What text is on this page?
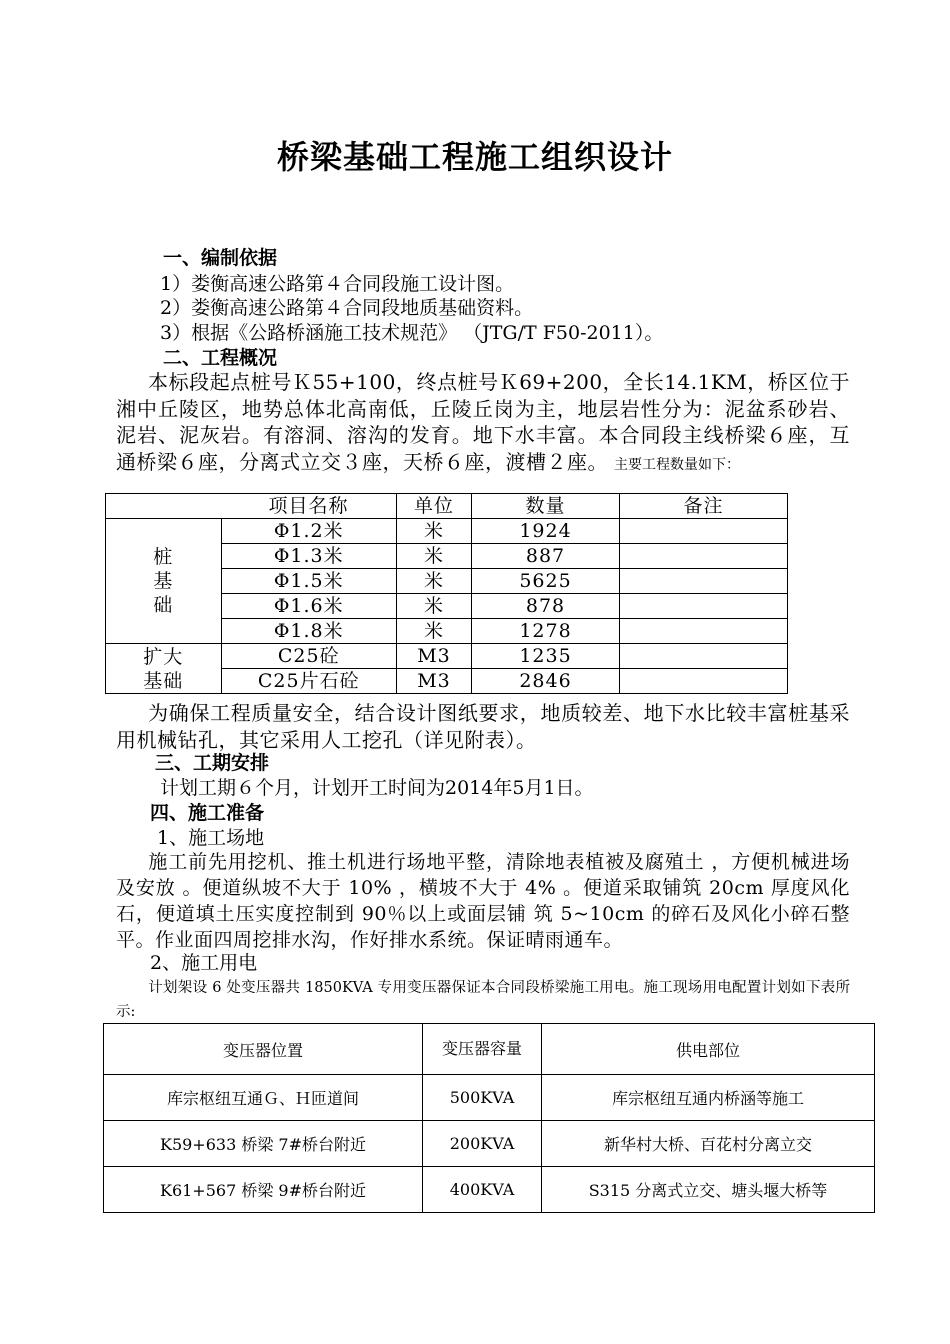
桥梁基础工程施工组织设计
一、编制依据
1）娄衡高速公路第４合同段施工设计图。
2）娄衡高速公路第４合同段地质基础资料。
3）根据《公路桥涵施工技术规范》 （JTG/T F50-2011）。
二、工程概况
本标段起点桩号Ｋ55+100，终点桩号Ｋ69+200，全长14.1KM，桥区位于湘中丘陵区，地势总体北高南低，丘陵丘岗为主，地层岩性分为：泥盆系砂岩、泥岩、泥灰岩。有溶洞、溶沟的发育。地下水丰富。本合同段主线桥梁６座，互通桥梁６座，分离式立交３座，天桥６座，渡槽２座。 主要工程数量如下：
	项目名称	单位	数量	备注

桩
基
础	Φ1.2米	米	1924	
	Φ1.3米	米	887	
	Φ1.5米	米	5625	
	Φ1.6米	米	878	
	Φ1.8米	米	1278	

扩大
基础	C25砼	M3	1235	
	C25片石砼	M3	2846	
为确保工程质量安全，结合设计图纸要求，地质较差、地下水比较丰富桩基采用机械钻孔，其它采用人工挖孔（详见附表）。
三、工期安排
计划工期６个月，计划开工时间为2014年5月1日。
四、施工准备
1、施工场地
施工前先用挖机、推土机进行场地平整，清除地表植被及腐殖土 ，方便机械进场及安放 。便道纵坡不大于 10% ，横坡不大于 4% 。便道采取铺筑 20cm 厚度风化石，便道填土压实度控制到 90％以上或面层铺 筑 5~10cm 的碎石及风化小碎石整平。作业面四周挖排水沟，作好排水系统。保证晴雨通车。
2、施工用电
计划架设 6 处变压器共 1850KVA 专用变压器保证本合同段桥梁施工用电。施工现场用电配置计划如下表所示:
变压器位置	变压器容量	供电部位
库宗枢纽互通Ｇ、Ｈ匝道间	500KVA	库宗枢纽互通内桥涵等施工
K59+633 桥梁 7#桥台附近	200KVA	新华村大桥、百花村分离立交
K61+567 桥梁 9#桥台附近	400KVA	S315 分离式立交、塘头堰大桥等
